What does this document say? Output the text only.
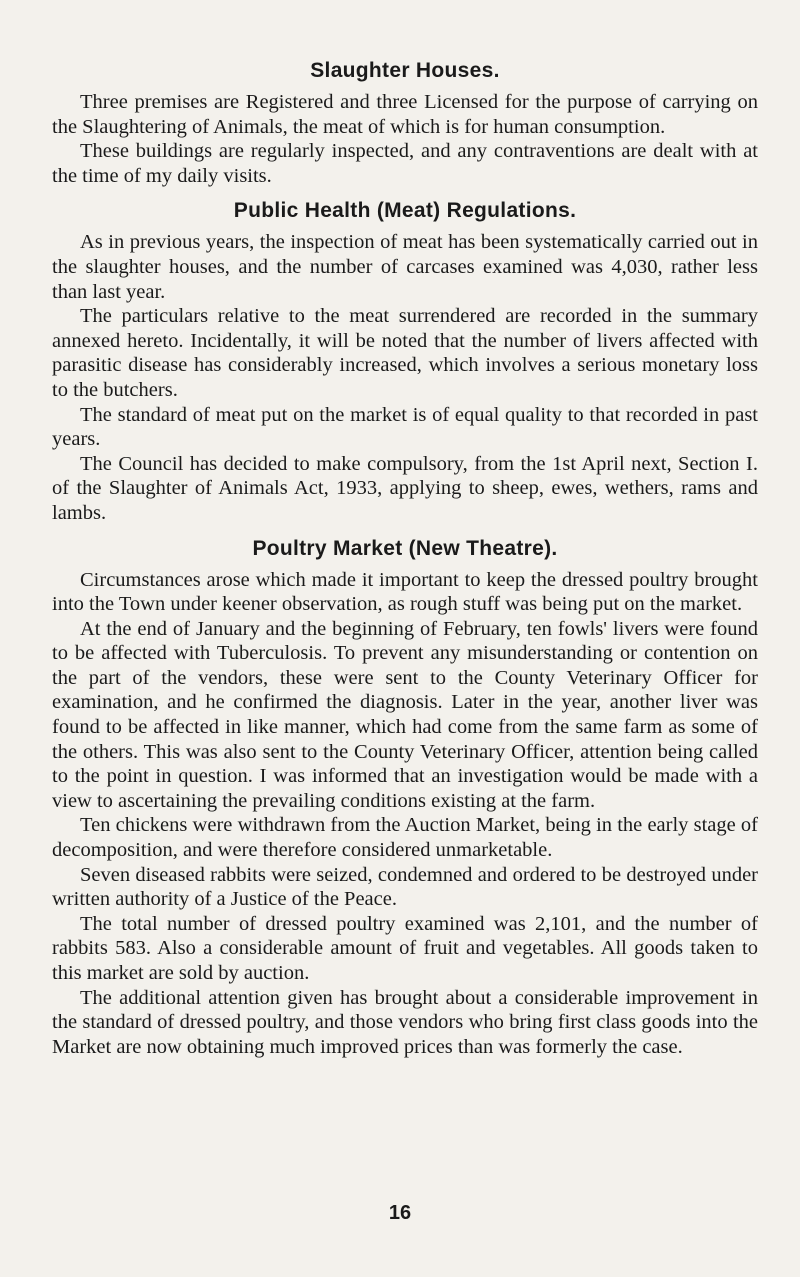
Slaughter Houses.

Three premises are Registered and three Licensed for the purpose of carrying on the Slaughtering of Animals, the meat of which is for human consumption.

These buildings are regularly inspected, and any contraventions are dealt with at the time of my daily visits.

Public Health (Meat) Regulations.

As in previous years, the inspection of meat has been systematically carried out in the slaughter houses, and the number of carcases examined was 4,030, rather less than last year.

The particulars relative to the meat surrendered are recorded in the summary annexed hereto. Incidentally, it will be noted that the number of livers affected with parasitic disease has considerably increased, which involves a serious monetary loss to the butchers.

The standard of meat put on the market is of equal quality to that recorded in past years.

The Council has decided to make compulsory, from the 1st April next, Section I. of the Slaughter of Animals Act, 1933, applying to sheep, ewes, wethers, rams and lambs.

Poultry Market (New Theatre).

Circumstances arose which made it important to keep the dressed poultry brought into the Town under keener observation, as rough stuff was being put on the market.

At the end of January and the beginning of February, ten fowls' livers were found to be affected with Tuberculosis. To prevent any misunderstanding or contention on the part of the vendors, these were sent to the County Veterinary Officer for examination, and he confirmed the diagnosis. Later in the year, another liver was found to be affected in like manner, which had come from the same farm as some of the others. This was also sent to the County Veterinary Officer, attention being called to the point in question. I was informed that an investigation would be made with a view to ascertaining the prevailing conditions existing at the farm.

Ten chickens were withdrawn from the Auction Market, being in the early stage of decomposition, and were therefore considered unmarketable.

Seven diseased rabbits were seized, condemned and ordered to be destroyed under written authority of a Justice of the Peace.

The total number of dressed poultry examined was 2,101, and the number of rabbits 583. Also a considerable amount of fruit and vegetables. All goods taken to this market are sold by auction.

The additional attention given has brought about a considerable improvement in the standard of dressed poultry, and those vendors who bring first class goods into the Market are now obtaining much improved prices than was formerly the case.

16
